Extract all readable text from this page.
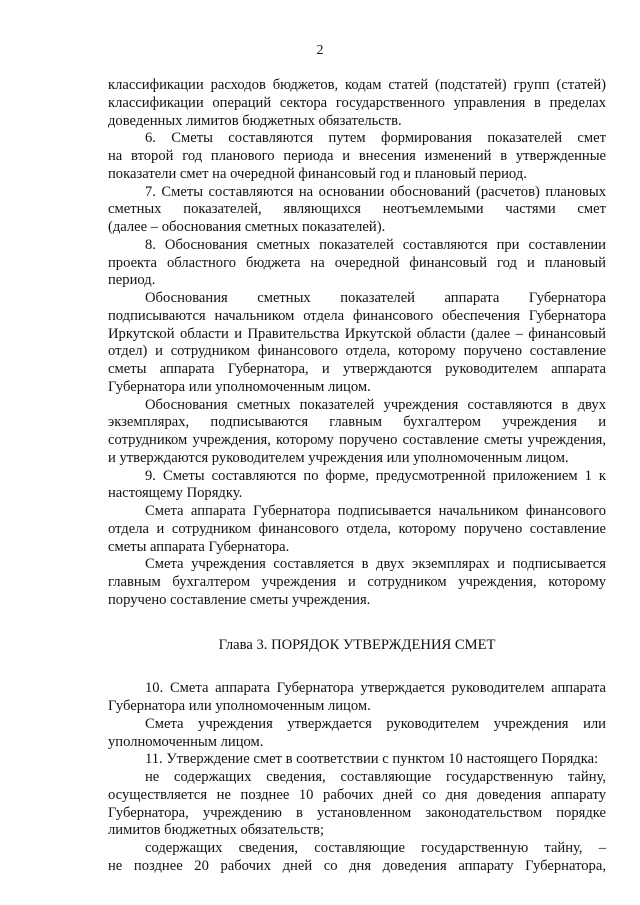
2

классификации расходов бюджетов, кодам статей (подстатей) групп (статей)
классификации операций сектора государственного управления в пределах
доведенных лимитов бюджетных обязательств.

6. Сметы составляются путем формирования показателей смет
на второй год планового периода и внесения изменений в утвержденные
показатели смет на очередной финансовый год и плановый период.

7. Сметы составляются на основании обоснований (расчетов) плановых
сметных показателей, являющихся неотъемлемыми частями смет
(далее – обоснования сметных показателей).

8. Обоснования сметных показателей составляются при составлении
проекта областного бюджета на очередной финансовый год и плановый
период.

Обоснования сметных показателей аппарата Губернатора
подписываются начальником отдела финансового обеспечения Губернатора
Иркутской области и Правительства Иркутской области (далее – финансовый
отдел) и сотрудником финансового отдела, которому поручено составление
сметы аппарата Губернатора, и утверждаются руководителем аппарата
Губернатора или уполномоченным лицом.

Обоснования сметных показателей учреждения составляются в двух
экземплярах, подписываются главным бухгалтером учреждения и
сотрудником учреждения, которому поручено составление сметы учреждения,
и утверждаются руководителем учреждения или уполномоченным лицом.

9. Сметы составляются по форме, предусмотренной приложением 1 к
настоящему Порядку.

Смета аппарата Губернатора подписывается начальником финансового
отдела и сотрудником финансового отдела, которому поручено составление
сметы аппарата Губернатора.

Смета учреждения составляется в двух экземплярах и подписывается
главным бухгалтером учреждения и сотрудником учреждения, которому
поручено составление сметы учреждения.

Глава 3. ПОРЯДОК УТВЕРЖДЕНИЯ СМЕТ

10. Смета аппарата Губернатора утверждается руководителем аппарата
Губернатора или уполномоченным лицом.

Смета учреждения утверждается руководителем учреждения или
уполномоченным лицом.

11. Утверждение смет в соответствии с пунктом 10 настоящего Порядка:

не содержащих сведения, составляющие государственную тайну,
осуществляется не позднее 10 рабочих дней со дня доведения аппарату
Губернатора, учреждению в установленном законодательством порядке
лимитов бюджетных обязательств;

содержащих сведения, составляющие государственную тайну, –
не позднее 20 рабочих дней со дня доведения аппарату Губернатора,
